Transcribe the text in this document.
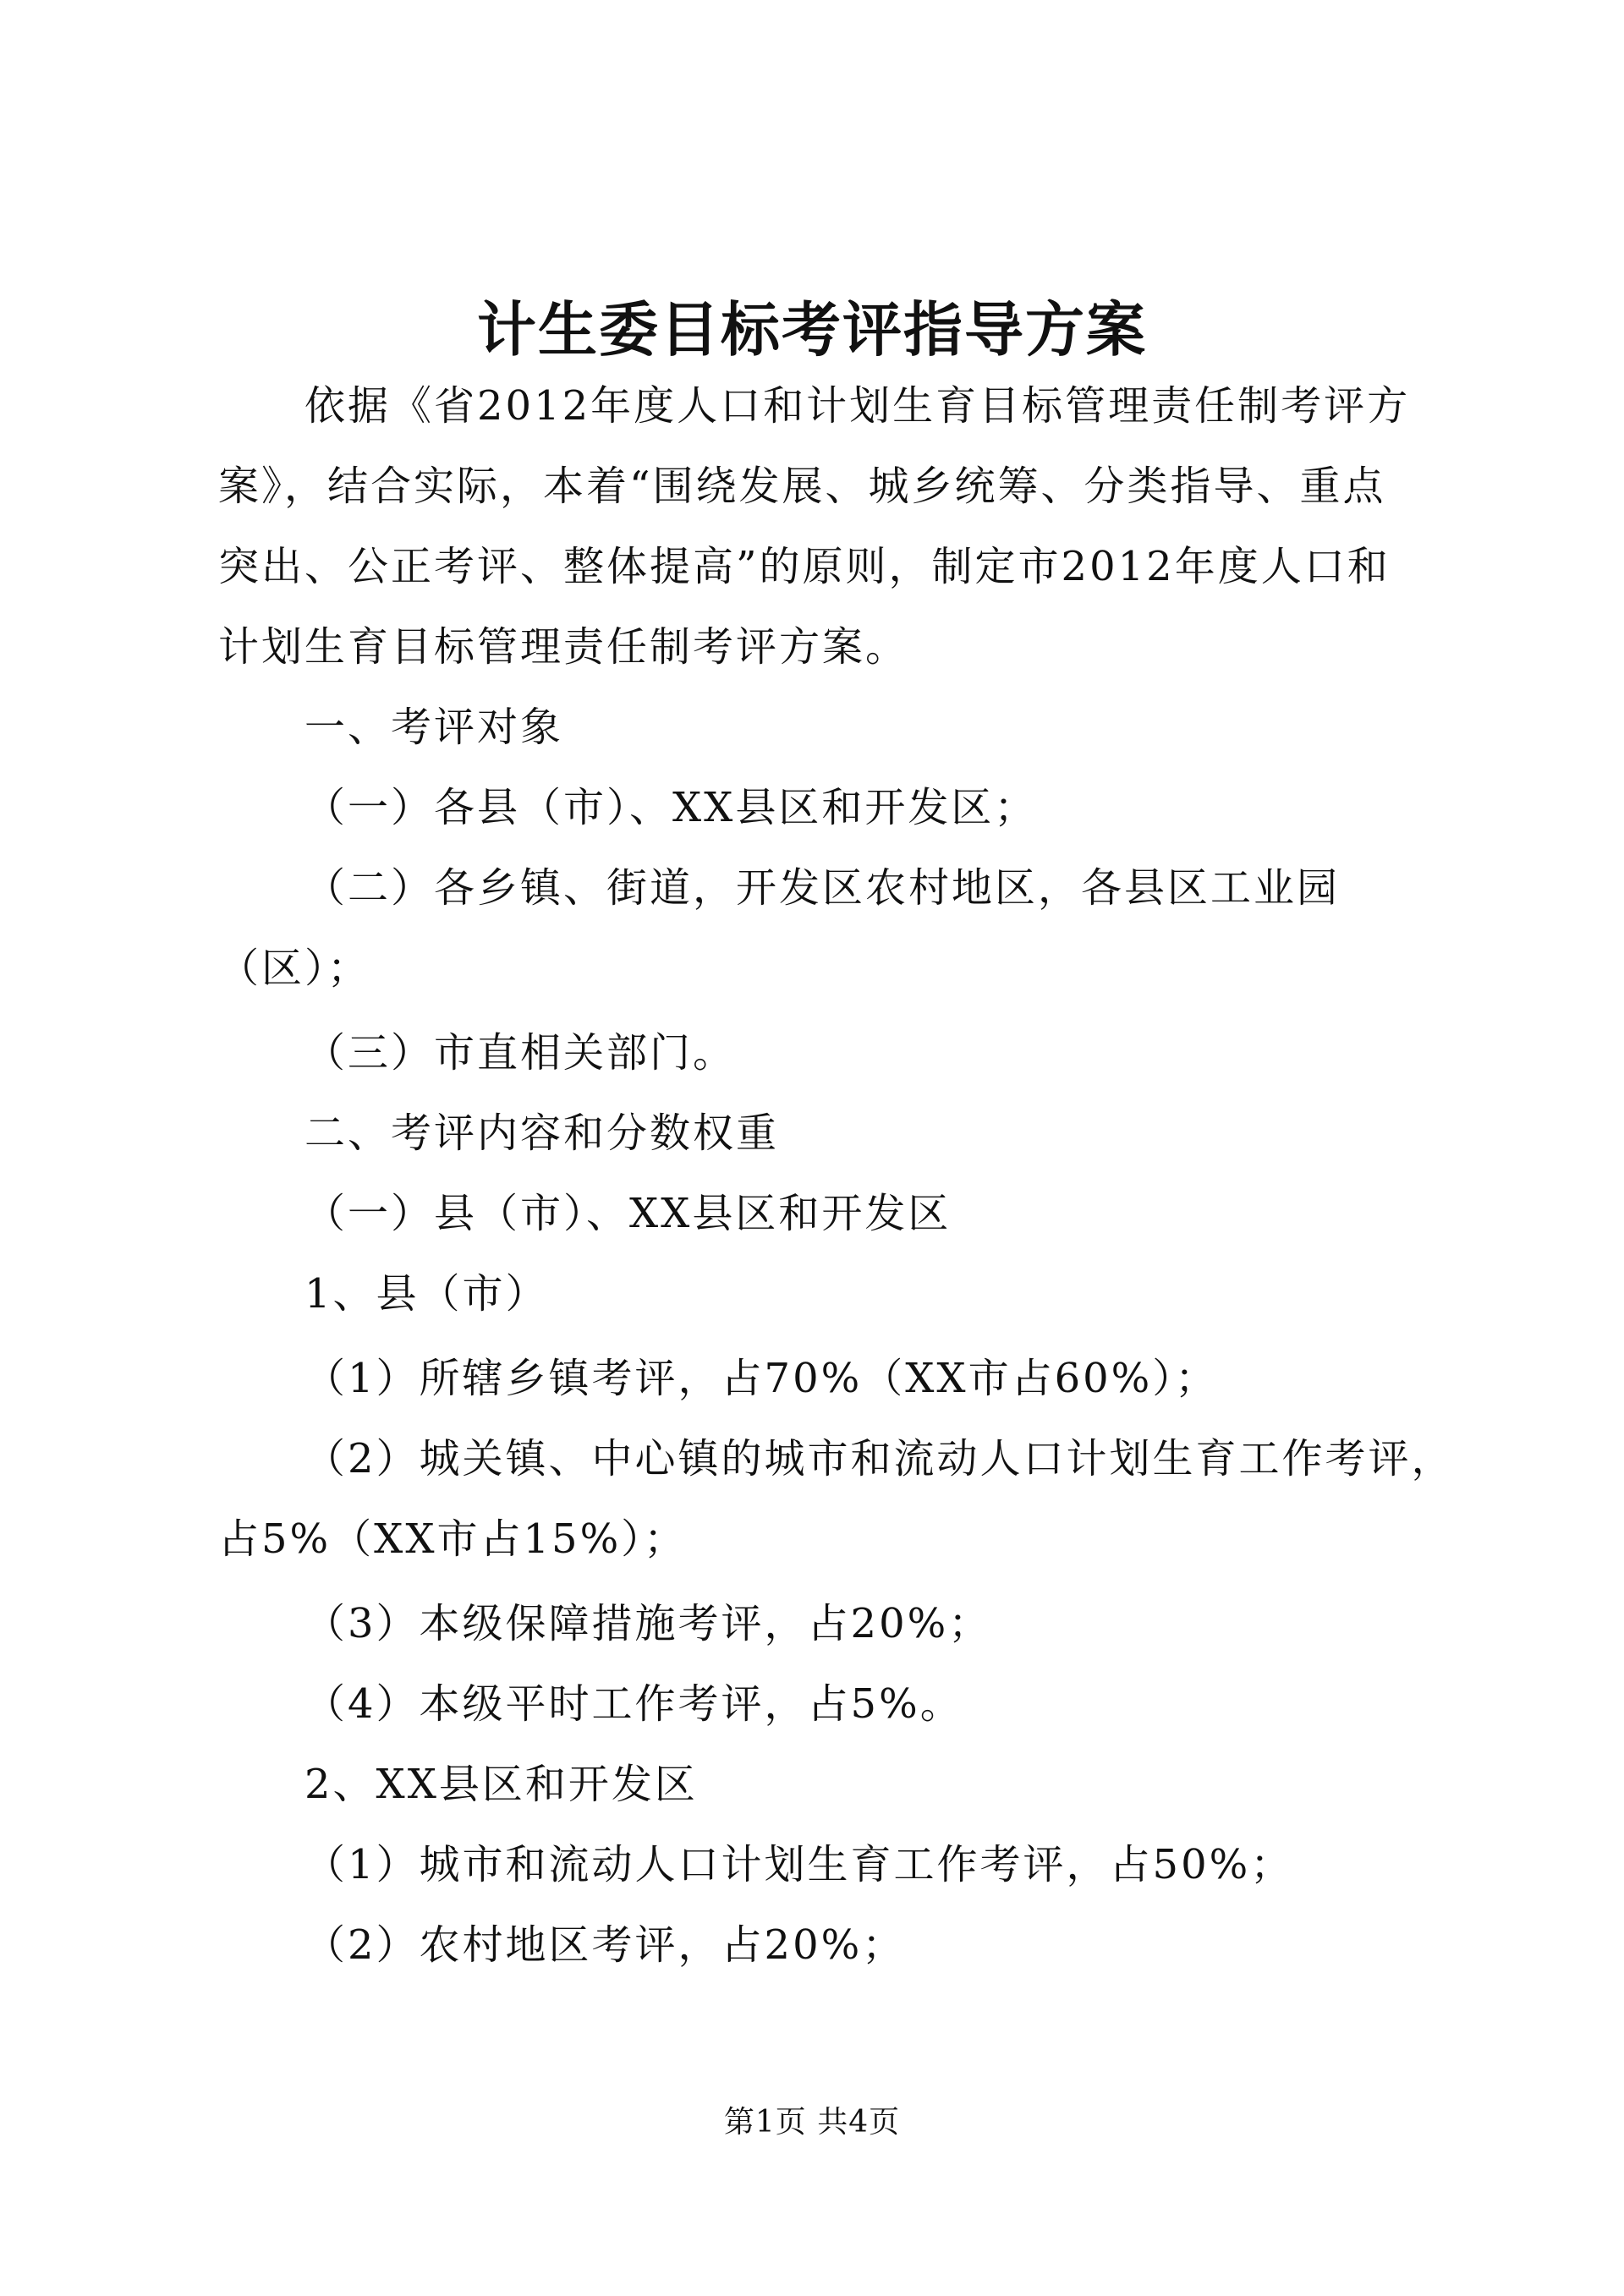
计生委目标考评指导方案
依据《省2012年度人口和计划生育目标管理责任制考评方
案》，结合实际，本着“围绕发展、城乡统筹、分类指导、重点
突出、公正考评、整体提高”的原则，制定市2012年度人口和
计划生育目标管理责任制考评方案。
一、考评对象
（一）各县（市）、XX县区和开发区；
（二）各乡镇、街道，开发区农村地区，各县区工业园
（区）；
（三）市直相关部门。
二、考评内容和分数权重
（一）县（市）、XX县区和开发区
1、县（市）
（1）所辖乡镇考评，占70%（XX市占60%）；
（2）城关镇、中心镇的城市和流动人口计划生育工作考评，
占5%（XX市占15%）；
（3）本级保障措施考评，占20%；
（4）本级平时工作考评，占5%。
2、XX县区和开发区
（1）城市和流动人口计划生育工作考评，占50%；
（2）农村地区考评，占20%；
第1页 共4页
